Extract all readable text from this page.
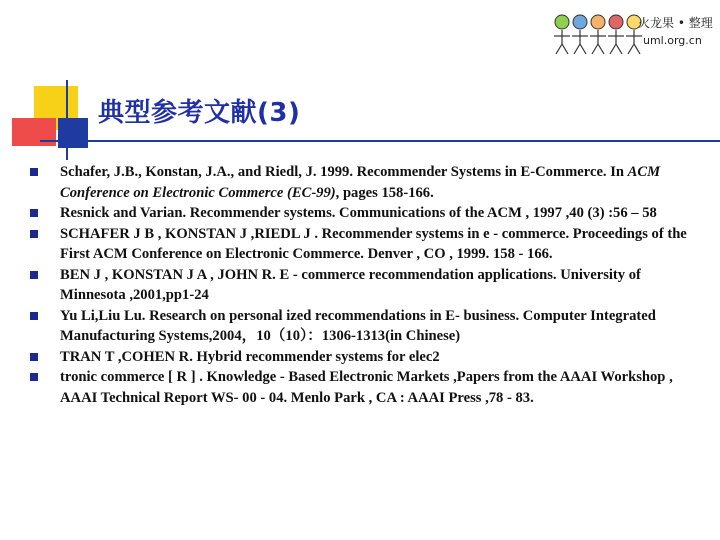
火龙果 • 整理
uml.org.cn
典型参考文献(3)
Schafer, J.B., Konstan, J.A., and Riedl, J. 1999. Recommender Systems in E-Commerce. In ACM Conference on Electronic Commerce (EC-99), pages 158-166.
Resnick and Varian. Recommender systems. Communications of the ACM , 1997 ,40 (3) :56 – 58
SCHAFER J B , KONSTAN J ,RIEDL J . Recommender systems in e - commerce. Proceedings of the First ACM Conference on Electronic Commerce. Denver , CO , 1999. 158 - 166.
BEN J , KONSTAN J A , JOHN R. E - commerce recommendation applications. University of Minnesota ,2001,pp1-24
Yu Li,Liu Lu. Research on personal ized recommendations in E- business. Computer Integrated Manufacturing Systems,2004，10（10）：1306-1313(in Chinese)
TRAN T ,COHEN R. Hybrid recommender systems for elec2
tronic commerce [ R ] . Knowledge - Based Electronic Markets ,Papers from the AAAI Workshop , AAAI Technical Report WS- 00 - 04. Menlo Park , CA : AAAI Press ,78 - 83.
